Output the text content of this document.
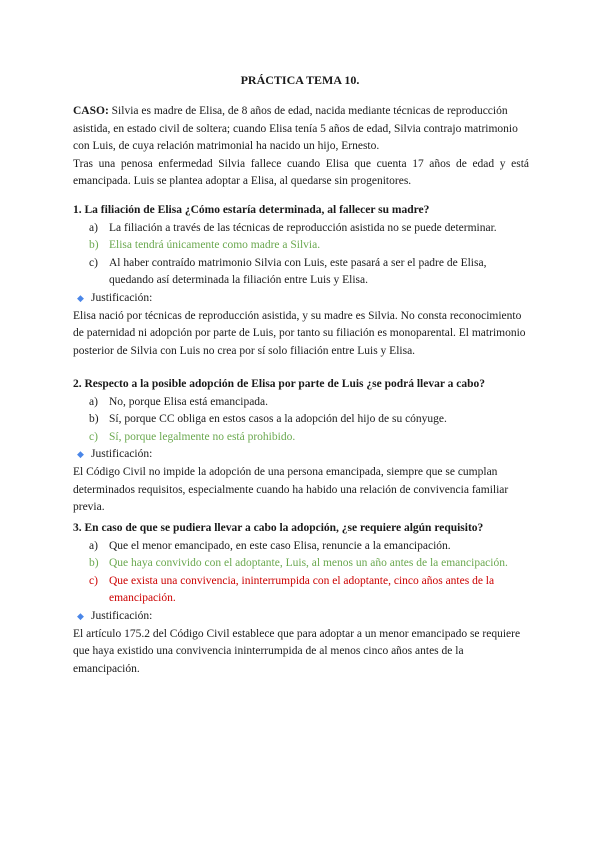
PRÁCTICA TEMA 10.

CASO: Silvia es madre de Elisa, de 8 años de edad, nacida mediante técnicas de reproducción asistida, en estado civil de soltera; cuando Elisa tenía 5 años de edad, Silvia contrajo matrimonio con Luis, de cuya relación matrimonial ha nacido un hijo, Ernesto.

Tras una penosa enfermedad Silvia fallece cuando Elisa que cuenta 17 años de edad y está emancipada. Luis se plantea adoptar a Elisa, al quedarse sin progenitores.

1. La filiación de Elisa ¿Cómo estaría determinada, al fallecer su madre?

a) La filiación a través de las técnicas de reproducción asistida no se puede determinar.
b) Elisa tendrá únicamente como madre a Silvia.
c) Al haber contraído matrimonio Silvia con Luis, este pasará a ser el padre de Elisa, quedando así determinada la filiación entre Luis y Elisa.
◆ Justificación:

Elisa nació por técnicas de reproducción asistida, y su madre es Silvia. No consta reconocimiento de paternidad ni adopción por parte de Luis, por tanto su filiación es monoparental. El matrimonio posterior de Silvia con Luis no crea por sí solo filiación entre Luis y Elisa.

2. Respecto a la posible adopción de Elisa por parte de Luis ¿se podrá llevar a cabo?

a) No, porque Elisa está emancipada.
b) Sí, porque CC obliga en estos casos a la adopción del hijo de su cónyuge.
c) Sí, porque legalmente no está prohibido.
◆ Justificación:

El Código Civil no impide la adopción de una persona emancipada, siempre que se cumplan determinados requisitos, especialmente cuando ha habido una relación de convivencia familiar previa.

3. En caso de que se pudiera llevar a cabo la adopción, ¿se requiere algún requisito?

a) Que el menor emancipado, en este caso Elisa, renuncie a la emancipación.
b) Que haya convivido con el adoptante, Luis, al menos un año antes de la emancipación.
c) Que exista una convivencia, ininterrumpida con el adoptante, cinco años antes de la emancipación.
◆ Justificación:

El artículo 175.2 del Código Civil establece que para adoptar a un menor emancipado se requiere que haya existido una convivencia ininterrumpida de al menos cinco años antes de la emancipación.
